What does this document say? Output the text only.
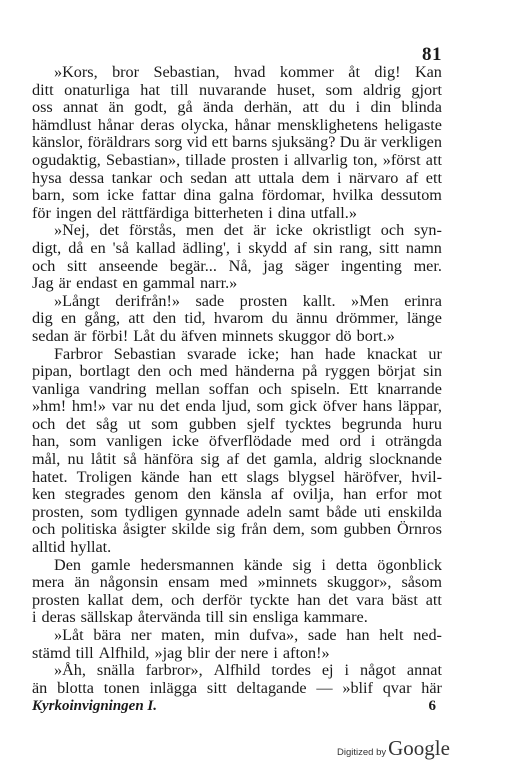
81
»Kors, bror Sebastian, hvad kommer åt dig! Kan
ditt onaturliga hat till nuvarande huset, som aldrig gjort
oss annat än godt, gå ända derhän, att du i din blinda
hämdlust hånar deras olycka, hånar mensklighetens heligaste
känslor, föräldrars sorg vid ett barns sjuksäng? Du är verkligen
ogudaktig, Sebastian», tillade prosten i allvarlig ton, »först att
hysa dessa tankar och sedan att uttala dem i närvaro af ett
barn, som icke fattar dina galna fördomar, hvilka dessutom
för ingen del rättfärdiga bitterheten i dina utfall.»
»Nej, det förstås, men det är icke okristligt och syn-
digt, då en 'så kallad ädling', i skydd af sin rang, sitt namn
och sitt anseende begär... Nå, jag säger ingenting mer.
Jag är endast en gammal narr.»
»Långt derifrån!» sade prosten kallt. »Men erinra
dig en gång, att den tid, hvarom du ännu drömmer, länge
sedan är förbi! Låt du äfven minnets skuggor dö bort.»
Farbror Sebastian svarade icke; han hade knackat ur
pipan, bortlagt den och med händerna på ryggen börjat sin
vanliga vandring mellan soffan och spiseln. Ett knarrande
»hm! hm!» var nu det enda ljud, som gick öfver hans läppar,
och det såg ut som gubben sjelf tycktes begrunda huru
han, som vanligen icke öfverflödade med ord i oträngda
mål, nu låtit så hänföra sig af det gamla, aldrig slocknande
hatet. Troligen kände han ett slags blygsel häröfver, hvil-
ken stegrades genom den känsla af ovilja, han erfor mot
prosten, som tydligen gynnade adeln samt både uti enskilda
och politiska åsigter skilde sig från dem, som gubben Örnros
alltid hyllat.
Den gamle hedersmannen kände sig i detta ögonblick
mera än någonsin ensam med »minnets skuggor», såsom
prosten kallat dem, och derför tyckte han det vara bäst att
i deras sällskap återvända till sin ensliga kammare.
»Låt bära ner maten, min dufva», sade han helt ned-
stämd till Alfhild, »jag blir der nere i afton!»
»Åh, snälla farbror», Alfhild tordes ej i något annat
än blotta tonen inlägga sitt deltagande — »blif qvar här
Kyrkoinvigningen I.	6
Digitized by Google
